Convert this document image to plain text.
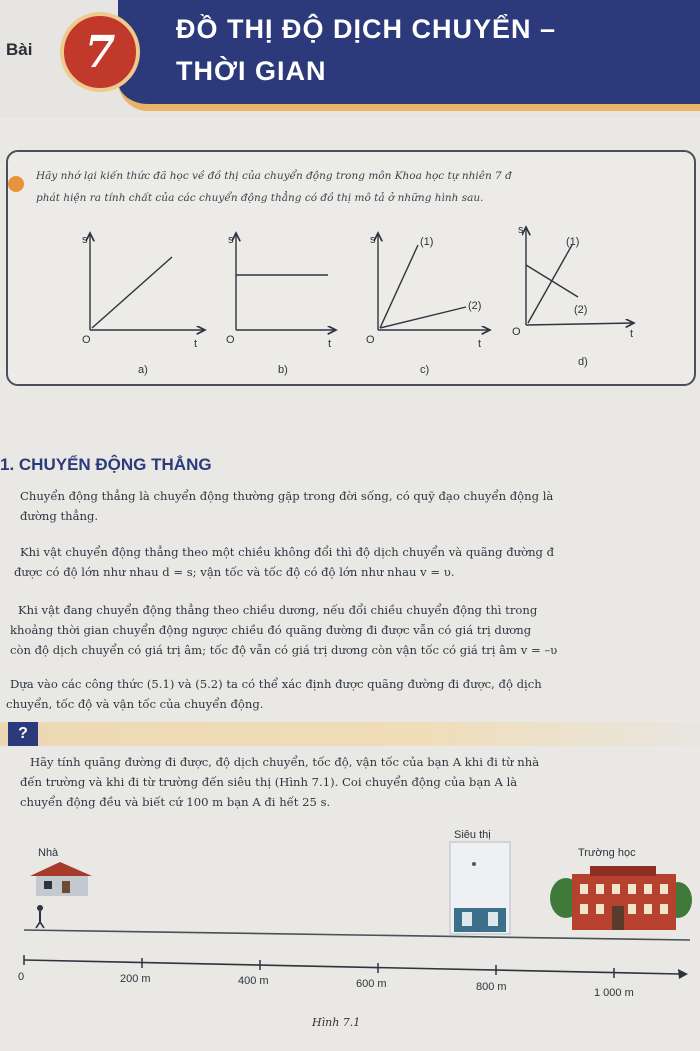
Bài	7	ĐỒ THỊ ĐỘ DỊCH CHUYỂN –
THỜI GIAN
Hãy nhớ lại kiến thức đã học về đồ thị của chuyển động trong môn Khoa học tự nhiên 7 đ
phát hiện ra tính chất của các chuyển động thẳng có đồ thị mô tả ở những hình sau.
s
O	t
a)
s
O	t
b)
s	(1)
(2)
O	t
c)
s
(1)
(2)
O	t
d)
1. CHUYỂN ĐỘNG THẲNG
Chuyển động thẳng là chuyển động thường gặp trong đời sống, có quỹ đạo chuyển động là
đường thẳng.
Khi vật chuyển động thẳng theo một chiều không đổi thì độ dịch chuyển và quãng đường đ
được có độ lớn như nhau d = s; vận tốc và tốc độ có độ lớn như nhau v = υ.
Khi vật đang chuyển động thẳng theo chiều dương, nếu đổi chiều chuyển động thì trong
khoảng thời gian chuyển động ngược chiều đó quãng đường đi được vẫn có giá trị dương
còn độ dịch chuyển có giá trị âm; tốc độ vẫn có giá trị dương còn vận tốc có giá trị âm v = –υ
Dựa vào các công thức (5.1) và (5.2) ta có thể xác định được quãng đường đi được, độ dịch
chuyển, tốc độ và vận tốc của chuyển động.
?
Hãy tính quãng đường đi được, độ dịch chuyển, tốc độ, vận tốc của bạn A khi đi từ nhà
đến trường và khi đi từ trường đến siêu thị (Hình 7.1). Coi chuyển động của bạn A là
chuyển động đều và biết cứ 100 m bạn A đi hết 25 s.
Nhà
Siêu thị
Trường học
0	200 m	400 m	600 m	800 m	1 000 m
Hình 7.1
